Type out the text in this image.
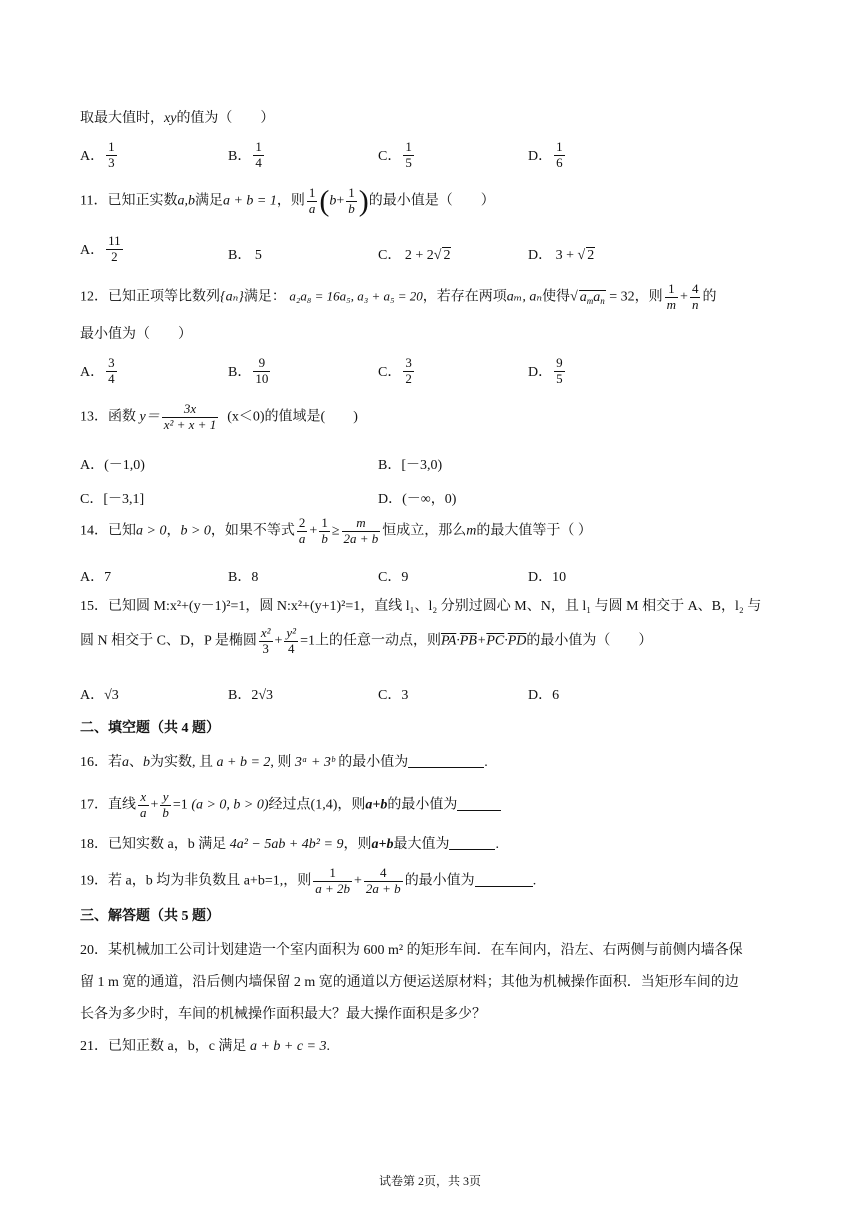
取最大值时，xy的值为（　　）
A． $\frac{1}{3}$	B． $\frac{1}{4}$	C． $\frac{1}{5}$	D． $\frac{1}{6}$
11．已知正实数a,b满足a + b = 1，则 $\frac{1}{a} (b+ \frac{1}{b}$ )的最小值是（　　）
A． $\frac{11}{2}$	B． 5	C． 2 + 2√ 2	D． 3 + √ 2
12．已知正项等比数列{aₙ}满足： a₂a₈ = 16a₅, a₃ + a₅ = 20，若存在两项aₘ, aₙ使得√ $a_ma_n = 32$，则 $\frac{1}{m} + \frac{4}{n}$ 的
最小值为（　　）
A． $\frac{3}{4}$	B． $\frac{9}{10}$	C． $\frac{3}{2}$	D． $\frac{9}{5}$
13．函数 $y= \frac{3x}{\text{x² + x + 1}} (x<0)$的值域是(　　)
A．(－1,0)	B．[－3,0)
C．[－3,1]	D．(－∞，0)
14．已知a > 0，b > 0，如果不等式 $\frac{2}{a} + \frac{1}{b} \ge \frac{m}{2a + b}$ 恒成立，那么m的最大值等于（ ）
A．7	B．8	C．9	D．10
15．已知圆 M:x²+(y－1)²=1，圆 N:x²+(y+1)²=1，直线 l₁、l₂ 分别过圆心 M、N，且 l₁ 与圆 M 相交于 A、B，l₂ 与
圆 N 相交于 C、D，P 是椭圆 $\frac{\text{x²}}{3} + \frac{\text{y²}}{4} =1$上的任意一动点，则$\overline{PA}\cdot\overline{PB}+\overline{PC}\cdot\overline{PD}$的最小值为（　　）
A．√3	B．2√3	C．3	D．6
二、填空题（共 4 题）
16．若a、b为实数, 且 a + b = 2, 则 3ᵃ + 3ᵇ 的最小值为	.
17．直线 $\frac{x}{a} + \frac{y}{b} =1$ (a > 0, b > 0)经过点(1,4)，则a+b的最小值为
18．已知实数 a，b 满足 4a² − 5ab + 4b² = 9，则a+b最大值为	.
19．若 a，b 均为非负数且 a+b=1,，则 $\frac{1}{a + 2b} + \frac{4}{2a + b}$ 的最小值为	.
三、解答题（共 5 题）
20．某机械加工公司计划建造一个室内面积为 600 m² 的矩形车间．在车间内，沿左、右两侧与前侧内墙各保
留 1 m 宽的通道，沿后侧内墙保留 2 m 宽的通道以方便运送原材料；其他为机械操作面积．当矩形车间的边
长各为多少时，车间的机械操作面积最大？最大操作面积是多少？
21．已知正数 a，b，c 满足 a + b + c = 3.
试卷第 2页，共 3页
